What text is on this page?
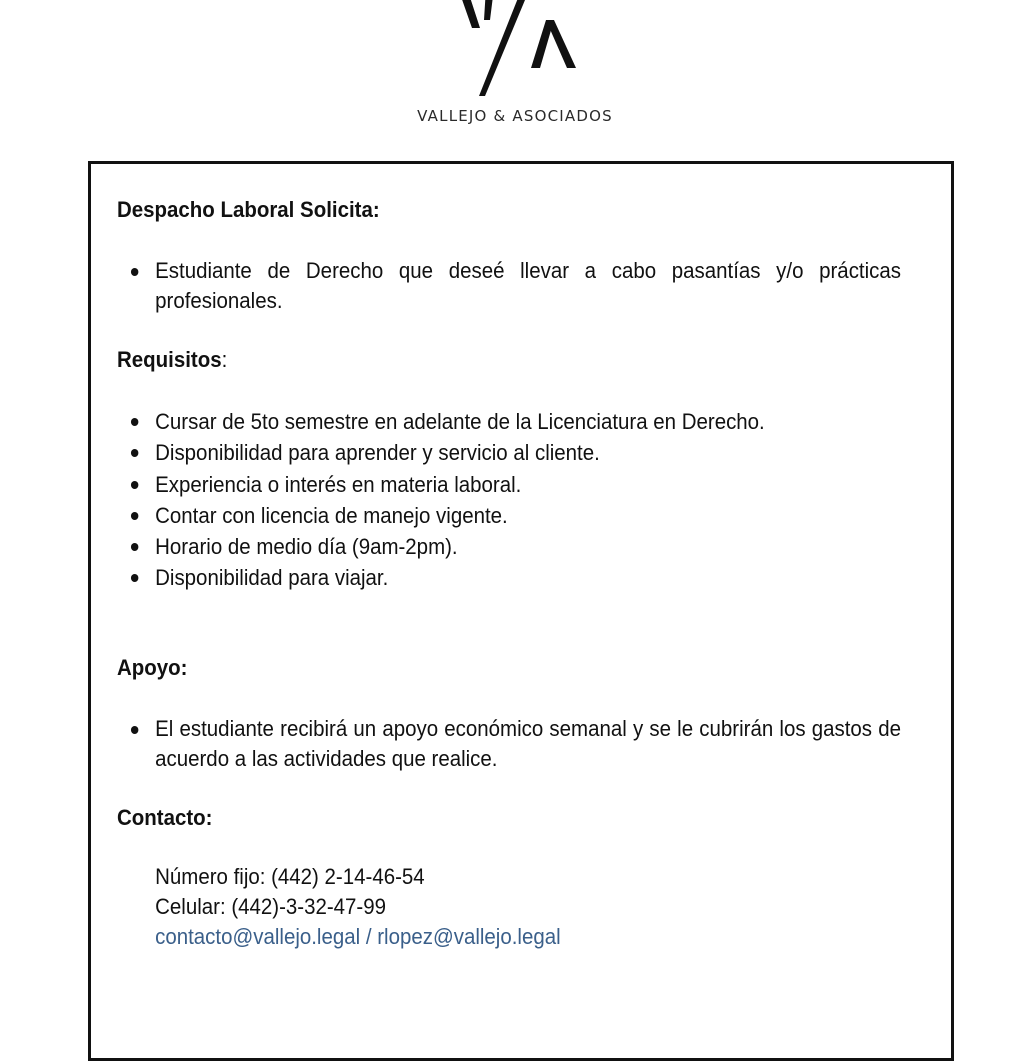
VALLEJO & ASOCIADOS
Despacho Laboral Solicita:
Estudiante de Derecho que deseé llevar a cabo pasantías y/o prácticas profesionales.
Requisitos:
Cursar de 5to semestre en adelante de la Licenciatura en Derecho.
Disponibilidad para aprender y servicio al cliente.
Experiencia o interés en materia laboral.
Contar con licencia de manejo vigente.
Horario de medio día (9am-2pm).
Disponibilidad para viajar.
Apoyo:
El estudiante recibirá un apoyo económico semanal y se le cubrirán los gastos de acuerdo a las actividades que realice.
Contacto:
Número fijo: (442) 2-14-46-54
Celular: (442)-3-32-47-99
contacto@vallejo.legal / rlopez@vallejo.legal
